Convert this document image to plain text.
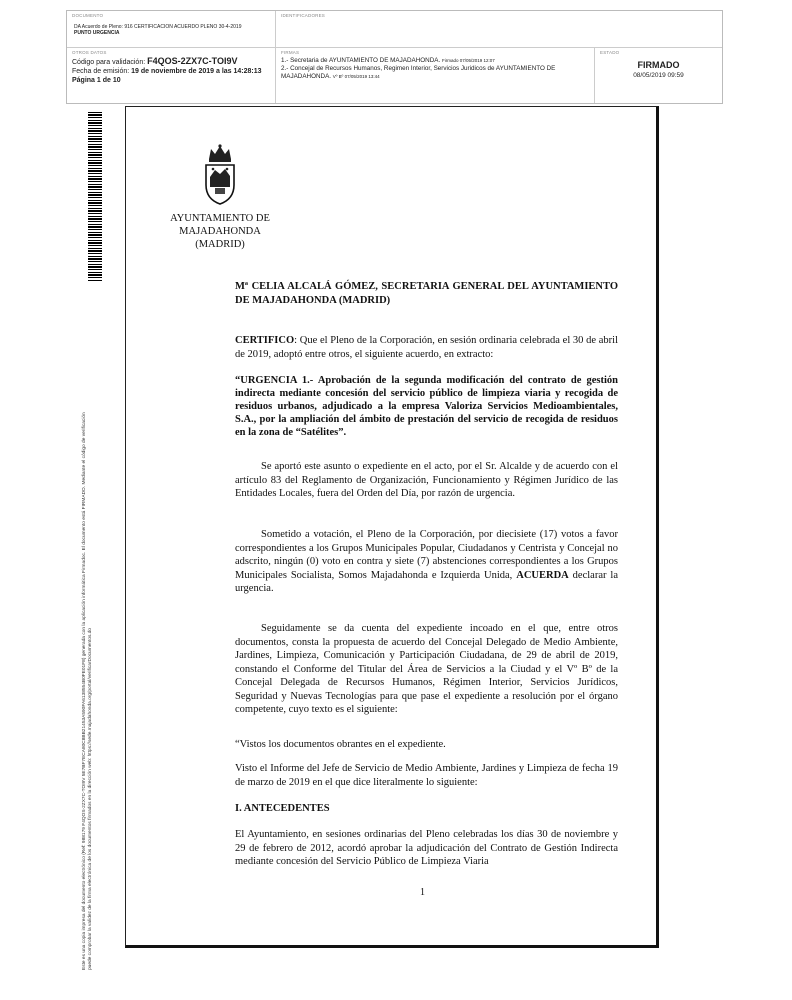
DOCUMENTO
DA Acuerdo de Pleno: 916 CERTIFICACION ACUERDO PLENO 30-4-2019
PUNTO URGENCIA
IDENTIFICADORES
OTROS DATOS
Código para validación: F4QOS-2ZX7C-TOI9V
Fecha de emisión: 19 de noviembre de 2019 a las 14:28:13
Página 1 de 10
FIRMAS
1.- Secretaria de AYUNTAMIENTO DE MAJADAHONDA. Firmado 07/05/2019 12:07
2.- Concejal de Recursos Humanos, Regimen Interior, Servicios Juridicos de AYUNTAMIENTO DE
MAJADAHONDA. Vº Bº 07/05/2019 13:44
ESTADO
FIRMADO
08/05/2019 09:59
Este es una copia impresa del documento electrónico (Ref: 988179 F4QOS-2ZX7C-TOI9V 5E7BF7ECA80C8BB21453A590FA6138554B0FE01F8) generada con la aplicación informática Firmadoc. El documento está FIRMADO. Mediante el código de verificación puede comprobar la validez de la firma electrónica de los documentos firmados en la dirección web: https://sede.majadahonda.org/portal/verificarDocumentos.do
AYUNTAMIENTO DE
MAJADAHONDA
(MADRID)
Mª CELIA ALCALÁ GÓMEZ, SECRETARIA GENERAL DEL AYUNTAMIENTO DE MAJADAHONDA (MADRID)

CERTIFICO: Que el Pleno de la Corporación, en sesión ordinaria celebrada el 30 de abril de 2019, adoptó entre otros, el siguiente acuerdo, en extracto:

“URGENCIA 1.- Aprobación de la segunda modificación del contrato de gestión indirecta mediante concesión del servicio público de limpieza viaria y recogida de residuos urbanos, adjudicado a la empresa Valoriza Servicios Medioambientales, S.A., por la ampliación del ámbito de prestación del servicio de recogida de residuos en la zona de “Satélites”.
Se aportó este asunto o expediente en el acto, por el Sr. Alcalde y de acuerdo con el artículo 83 del Reglamento de Organización, Funcionamiento y Régimen Jurídico de las Entidades Locales, fuera del Orden del Día, por razón de urgencia.

Sometido a votación, el Pleno de la Corporación, por diecisiete (17) votos a favor correspondientes a los Grupos Municipales Popular, Ciudadanos y Centrista y Concejal no adscrito, ningún (0) voto en contra y siete (7) abstenciones correspondientes a los Grupos Municipales Socialista, Somos Majadahonda e Izquierda Unida, ACUERDA declarar la urgencia.

Seguidamente se da cuenta del expediente incoado en el que, entre otros documentos, consta la propuesta de acuerdo del Concejal Delegado de Medio Ambiente, Jardines, Limpieza, Comunicación y Participación Ciudadana, de 29 de abril de 2019, constando el Conforme del Titular del Área de Servicios a la Ciudad y el Vº Bº de la Concejal Delegada de Recursos Humanos, Régimen Interior, Servicios Jurídicos, Seguridad y Nuevas Tecnologías para que pase el expediente a resolución por el órgano competente, cuyo texto es el siguiente:
“Vistos los documentos obrantes en el expediente.
Visto el Informe del Jefe de Servicio de Medio Ambiente, Jardines y Limpieza de fecha 19 de marzo de 2019 en el que dice literalmente lo siguiente:
I. ANTECEDENTES
El Ayuntamiento, en sesiones ordinarias del Pleno celebradas los días 30 de noviembre y 29 de febrero de 2012, acordó aprobar la adjudicación del Contrato de Gestión Indirecta mediante concesión del Servicio Público de Limpieza Viaria
1
